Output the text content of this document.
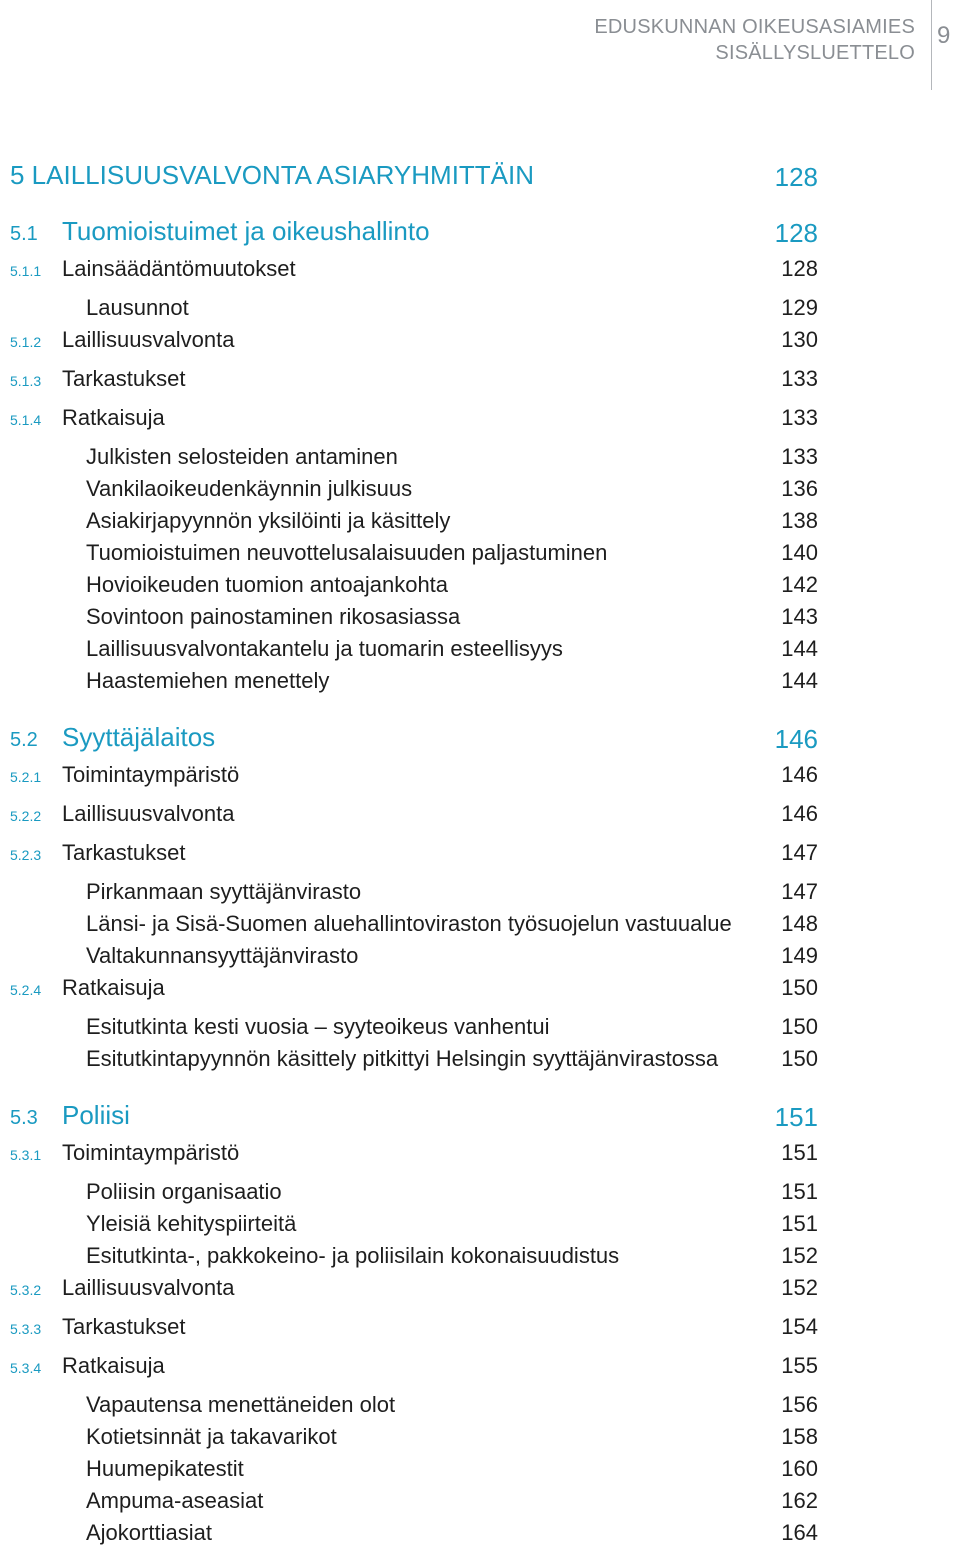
EDUSKUNNAN OIKEUSASIAMIES
SISÄLLYSLUETTELO
9
5 LAILLISUUSVALVONTA ASIARYHMITTÄIN	128
5.1 Tuomioistuimet ja oikeushallinto	128
5.1.1 Lainsäädäntömuutokset	128
Lausunnot	129
5.1.2 Laillisuusvalvonta	130
5.1.3 Tarkastukset	133
5.1.4 Ratkaisuja	133
Julkisten selosteiden antaminen	133
Vankilaoikeudenkäynnin julkisuus	136
Asiakirjapyynnön yksilöinti ja käsittely	138
Tuomioistuimen neuvottelusalaisuuden paljastuminen	140
Hovioikeuden tuomion antoajankohta	142
Sovintoon painostaminen rikosasiassa	143
Laillisuusvalvontakantelu ja tuomarin esteellisyys	144
Haastemiehen menettely	144
5.2 Syyttäjälaitos	146
5.2.1 Toimintaympäristö	146
5.2.2 Laillisuusvalvonta	146
5.2.3 Tarkastukset	147
Pirkanmaan syyttäjänvirasto	147
Länsi- ja Sisä-Suomen aluehallintoviraston työsuojelun vastuualue	148
Valtakunnansyyttäjänvirasto	149
5.2.4 Ratkaisuja	150
Esitutkinta kesti vuosia – syyteoikeus vanhentui	150
Esitutkintapyynnön käsittely pitkittyi Helsingin syyttäjänvirastossa	150
5.3 Poliisi	151
5.3.1 Toimintaympäristö	151
Poliisin organisaatio	151
Yleisiä kehityspiirteitä	151
Esitutkinta-, pakkokeino- ja poliisilain kokonaisuudistus	152
5.3.2 Laillisuusvalvonta	152
5.3.3 Tarkastukset	154
5.3.4 Ratkaisuja	155
Vapautensa menettäneiden olot	156
Kotietsinnät ja takavarikot	158
Huumepikatestit	160
Ampuma-aseasiat	162
Ajokorttiasiat	164
